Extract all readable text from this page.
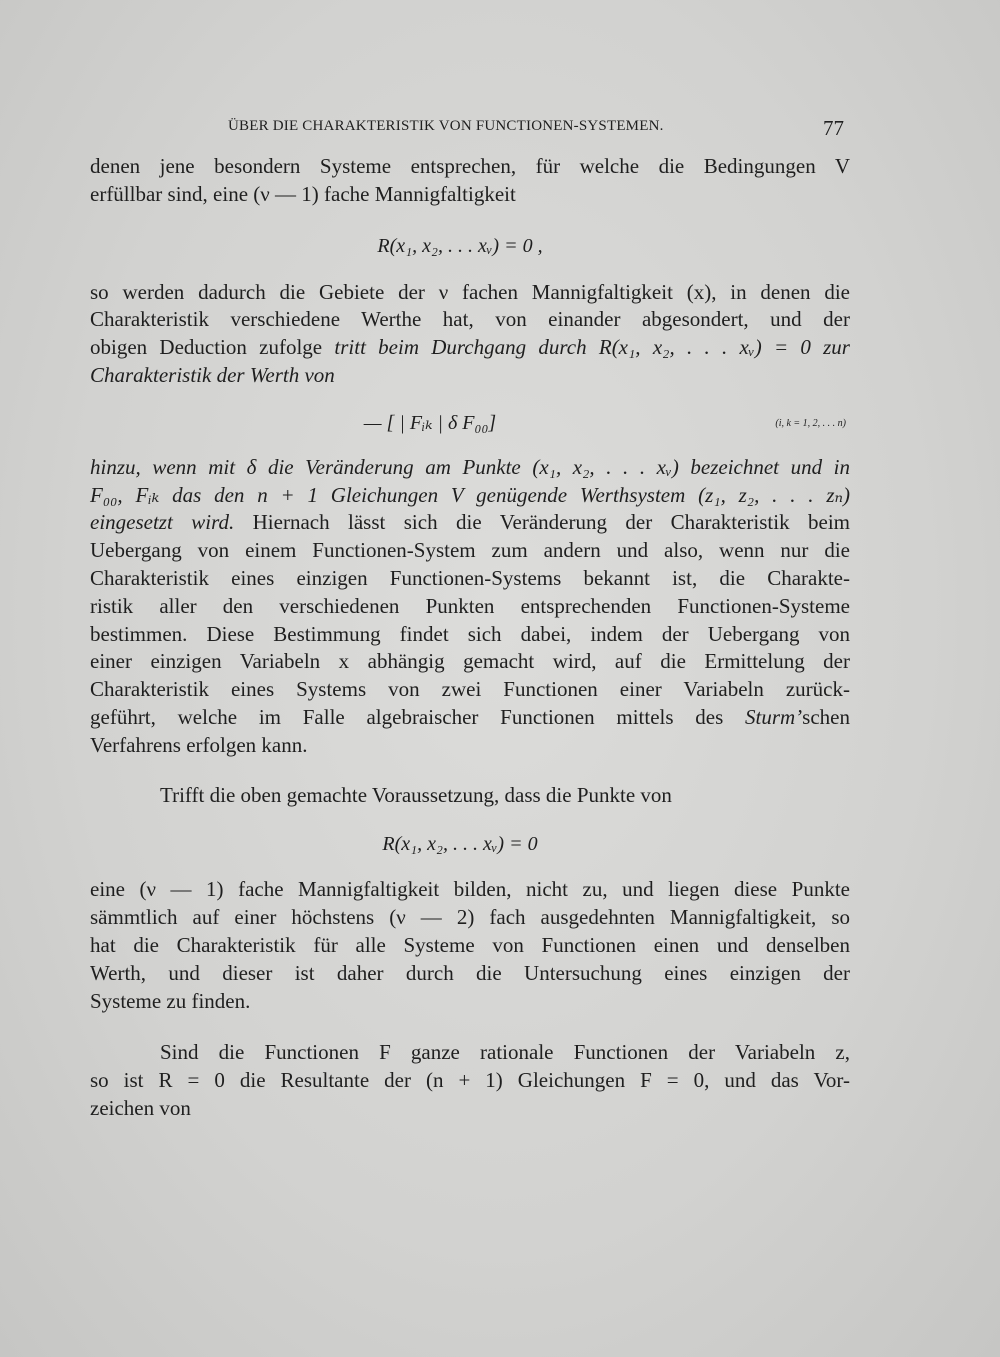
ÜBER DIE CHARAKTERISTIK VON FUNCTIONEN-SYSTEMEN.	77

denen jene besondern Systeme entsprechen, für welche die Bedingungen V
erfüllbar sind, eine (ν — 1) fache Mannigfaltigkeit

R(x₁, x₂, . . . xᵥ) = 0 ,

so werden dadurch die Gebiete der ν fachen Mannigfaltigkeit (x), in denen die
Charakteristik verschiedene Werthe hat, von einander abgesondert, und der
obigen Deduction zufolge tritt beim Durchgang durch R(x₁, x₂, . . . xᵥ) = 0 zur
Charakteristik der Werth von

— [ | Fᵢₖ | δ F₀₀]	(i, k = 1, 2, . . . n)

hinzu, wenn mit δ die Veränderung am Punkte (x₁, x₂, . . . xᵥ) bezeichnet und in
F₀₀, Fᵢₖ das den n + 1 Gleichungen V genügende Werthsystem (z₁, z₂, . . . zₙ)
eingesetzt wird. Hiernach lässt sich die Veränderung der Charakteristik beim
Uebergang von einem Functionen-System zum andern und also, wenn nur die
Charakteristik eines einzigen Functionen-Systems bekannt ist, die Charakte-
ristik aller den verschiedenen Punkten entsprechenden Functionen-Systeme
bestimmen. Diese Bestimmung findet sich dabei, indem der Uebergang von
einer einzigen Variabeln x abhängig gemacht wird, auf die Ermittelung der
Charakteristik eines Systems von zwei Functionen einer Variabeln zurück-
geführt, welche im Falle algebraischer Functionen mittels des Sturm’schen
Verfahrens erfolgen kann.

Trifft die oben gemachte Voraussetzung, dass die Punkte von

R(x₁, x₂, . . . xᵥ) = 0

eine (ν — 1) fache Mannigfaltigkeit bilden, nicht zu, und liegen diese Punkte
sämmtlich auf einer höchstens (ν — 2) fach ausgedehnten Mannigfaltigkeit, so
hat die Charakteristik für alle Systeme von Functionen einen und denselben
Werth, und dieser ist daher durch die Untersuchung eines einzigen der
Systeme zu finden.

Sind die Functionen F ganze rationale Functionen der Variabeln z,

so ist R = 0 die Resultante der (n + 1) Gleichungen F = 0, und das Vor-
zeichen von
